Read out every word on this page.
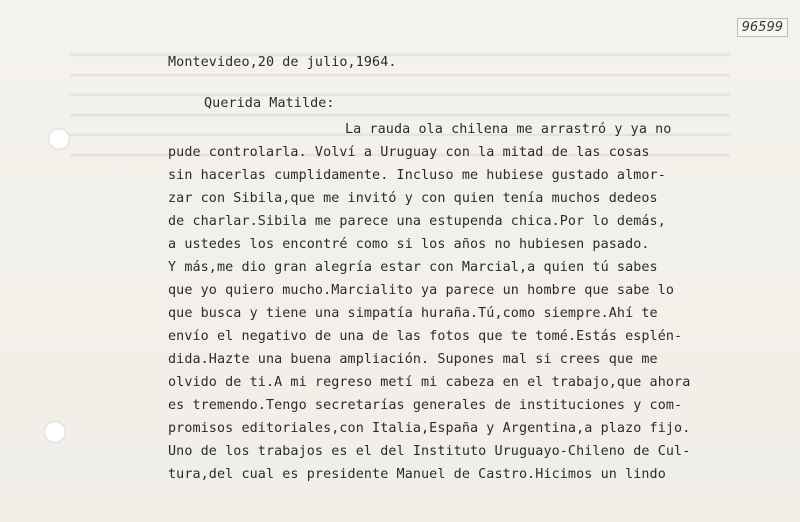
96599
Montevideo,20 de julio,1964.
Querida Matilde:
La rauda ola chilena me arrastró y ya no
pude controlarla. Volví a Uruguay con la mitad de las cosas
sin hacerlas cumplidamente. Incluso me hubiese gustado almor-
zar con Sibila,que me invitó y con quien tenía muchos dedeos
de charlar.Sibila me parece una estupenda chica.Por lo demás,
a ustedes los encontré como si los años no hubiesen pasado.
Y más,me dio gran alegría estar con Marcial,a quien tú sabes
que yo quiero mucho.Marcialito ya parece un hombre que sabe lo
que busca y tiene una simpatía huraña.Tú,como siempre.Ahí te
envío el negativo de una de las fotos que te tomé.Estás esplén-
dida.Hazte una buena ampliación. Supones mal si crees que me
olvido de ti.A mi regreso metí mi cabeza en el trabajo,que ahora
es tremendo.Tengo secretarías generales de instituciones y com-
promisos editoriales,con Italia,España y Argentina,a plazo fijo.
Uno de los trabajos es el del Instituto Uruguayo-Chileno de Cul-
tura,del cual es presidente Manuel de Castro.Hicimos un lindo
